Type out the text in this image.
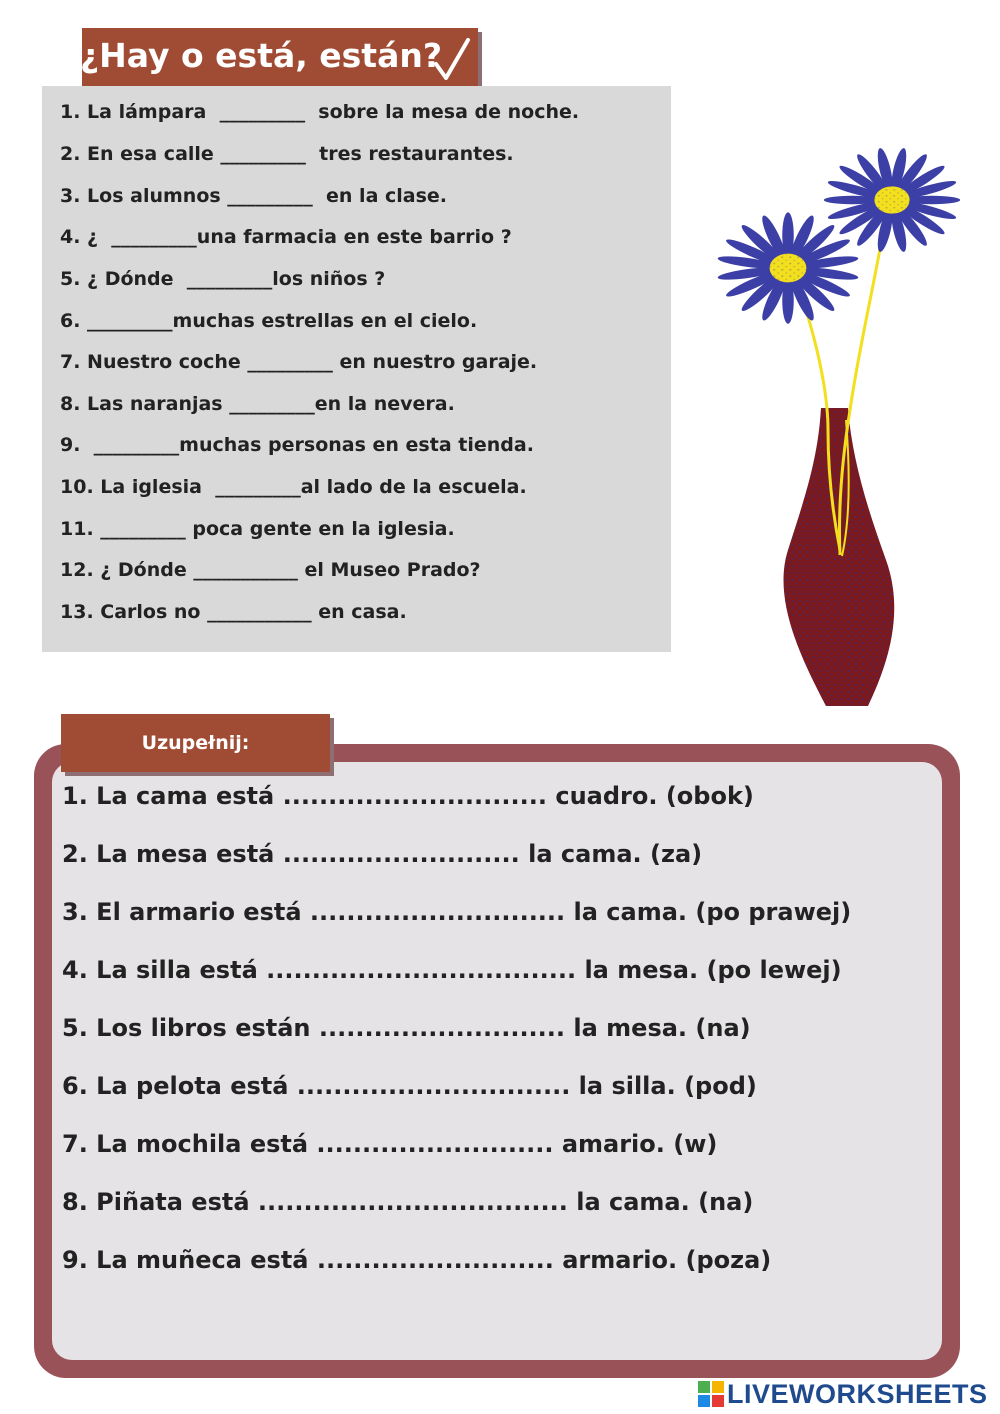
¿Hay o está, están?
1. La lámpara  _________  sobre la mesa de noche.
2. En esa calle _________  tres restaurantes.
3. Los alumnos _________  en la clase.
4. ¿  _________una farmacia en este barrio ?
5. ¿ Dónde  _________los niños ?
6. _________muchas estrellas en el cielo.
7. Nuestro coche _________ en nuestro garaje.
8. Las naranjas _________en la nevera.
9.  _________muchas personas en esta tienda.
10. La iglesia  _________al lado de la escuela.
11. _________ poca gente en la iglesia.
12. ¿ Dónde ___________ el Museo Prado?
13. Carlos no ___________ en casa.
Uzupełnij:
1. La cama está ............................. cuadro. (obok)
2. La mesa está .......................... la cama. (za)
3. El armario está ............................ la cama. (po prawej)
4. La silla está .................................. la mesa. (po lewej)
5. Los libros están ........................... la mesa. (na)
6. La pelota está .............................. la silla. (pod)
7. La mochila está .......................... amario. (w)
8. Piñata está .................................. la cama. (na)
9. La muñeca está .......................... armario. (poza)
LIVEWORKSHEETS
